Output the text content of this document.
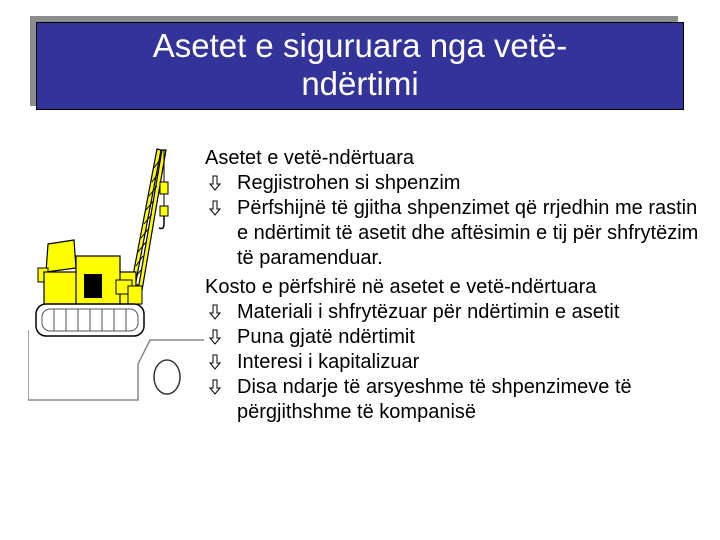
Asetet e siguruara nga vetë-
ndërtimi

Asetet e vetë-ndërtuara

Regjistrohen si shpenzim

Përfshijnë të gjitha shpenzimet që rrjedhin me rastin e ndërtimit të asetit dhe aftësimin e tij për shfrytëzim të paramenduar.

Kosto e përfshirë në asetet e vetë-ndërtuara

Materiali i shfrytëzuar për ndërtimin e asetit

Puna gjatë ndërtimit

Interesi i kapitalizuar

Disa ndarje të arsyeshme të shpenzimeve të përgjithshme të kompanisë
